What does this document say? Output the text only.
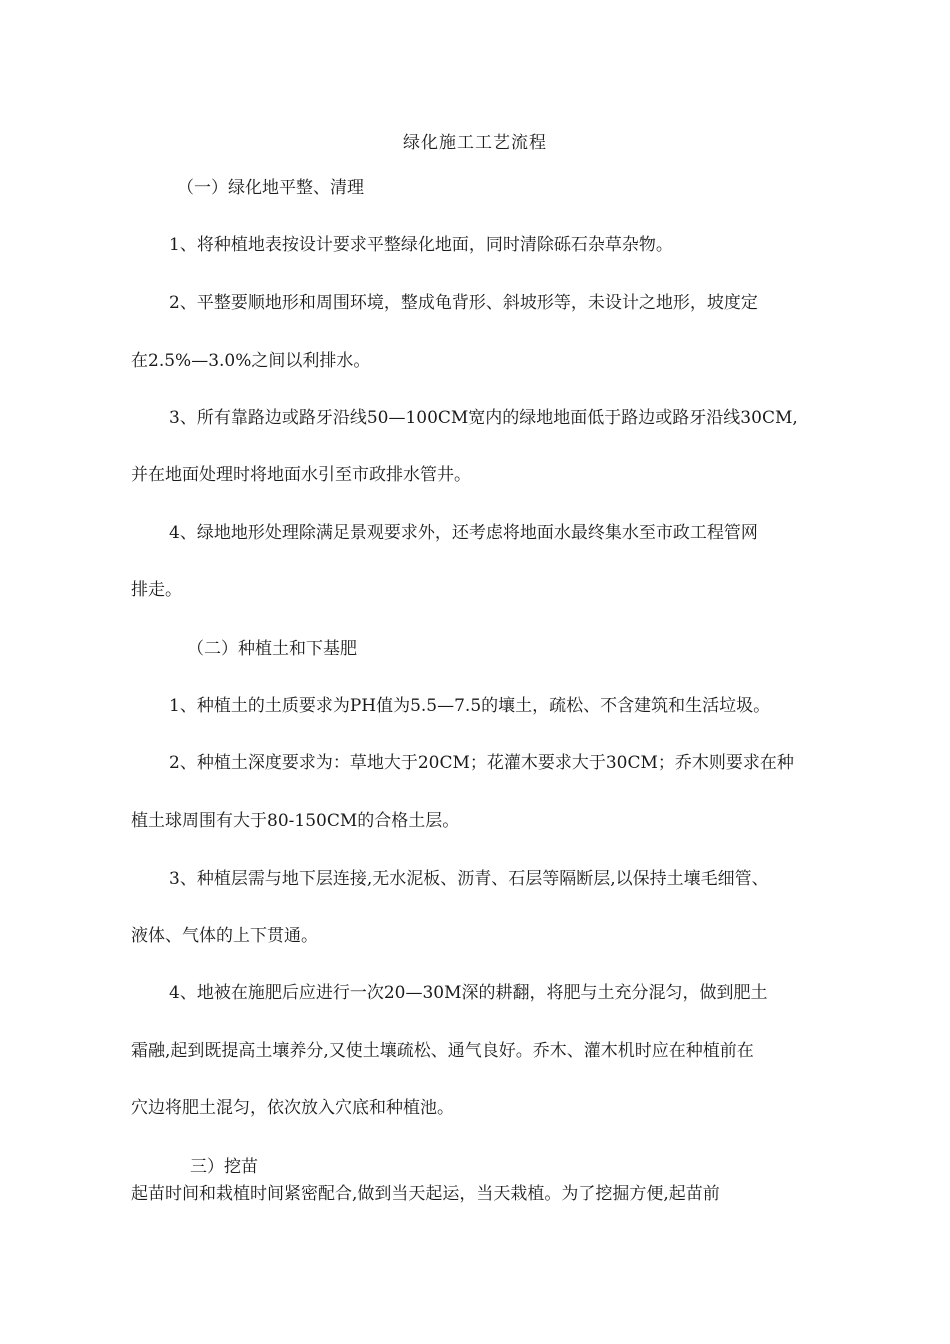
绿化施工工艺流程
（一）绿化地平整、清理
1、将种植地表按设计要求平整绿化地面，同时清除砾石杂草杂物。
2、平整要顺地形和周围环境，整成龟背形、斜坡形等，未设计之地形，坡度定
在2.5%—3.0%之间以利排水。
3、所有靠路边或路牙沿线50—100CM宽内的绿地地面低于路边或路牙沿线30CM,
并在地面处理时将地面水引至市政排水管井。
4、绿地地形处理除满足景观要求外，还考虑将地面水最终集水至市政工程管网
排走。
（二）种植土和下基肥
1、种植土的土质要求为PH值为5.5—7.5的壤土，疏松、不含建筑和生活垃圾。
2、种植土深度要求为：草地大于20CM；花灌木要求大于30CM；乔木则要求在种
植土球周围有大于80-150CM的合格土层。
3、种植层需与地下层连接,无水泥板、沥青、石层等隔断层,以保持土壤毛细管、
液体、气体的上下贯通。
4、地被在施肥后应进行一次20—30M深的耕翻，将肥与土充分混匀，做到肥土
霜融,起到既提高土壤养分,又使土壤疏松、通气良好。乔木、灌木机时应在种植前在
穴边将肥土混匀，依次放入穴底和种植池。
三）挖苗
起苗时间和栽植时间紧密配合,做到当天起运，当天栽植。为了挖掘方便,起苗前
